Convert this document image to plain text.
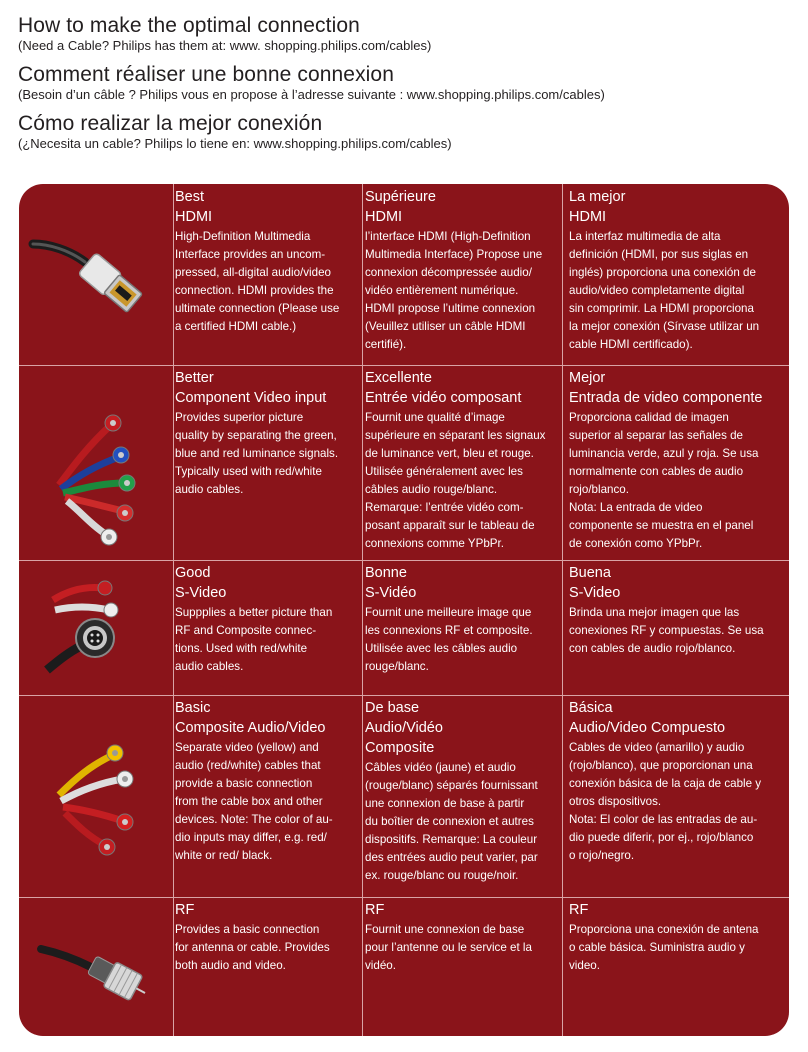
How to make the optimal connection
(Need a Cable? Philips has them at: www. shopping.philips.com/cables)
Comment réaliser une bonne connexion
(Besoin d’un câble ? Philips vous en propose à l’adresse suivante : www.shopping.philips.com/cables)
Cómo realizar la mejor conexión
(¿Necesita un cable? Philips lo tiene en: www.shopping.philips.com/cables)
Best
HDMI
High-Definition Multimedia
Interface provides an uncom-
pressed, all-digital audio/video
connection. HDMI provides the
ultimate connection (Please use
a certified HDMI cable.)
Supérieure
HDMI
l’interface HDMI (High-Definition
Multimedia Interface) Propose une
connexion décompressée audio/
vidéo entièrement numérique.
HDMI propose l’ultime connexion
(Veuillez utiliser un câble HDMI
certifié).
La mejor
HDMI
La interfaz multimedia de alta
definición (HDMI, por sus siglas en
inglés) proporciona una conexión de
audio/video completamente digital
sin comprimir. La HDMI proporciona
la mejor conexión (Sírvase utilizar un
cable HDMI certificado).
Better
Component Video input
Provides superior picture
quality by separating the green,
blue and red luminance signals.
Typically used with red/white
audio cables.
Excellente
Entrée vidéo composant
Fournit une qualité d’image
supérieure en séparant les signaux
de luminance vert, bleu et rouge.
Utilisée généralement avec les
câbles audio rouge/blanc.
Remarque: l’entrée vidéo com-
posant apparaît sur le tableau de
connexions comme YPbPr.
Mejor
Entrada de video componente
Proporciona calidad de imagen
superior al separar las señales de
luminancia verde, azul y roja. Se usa
normalmente con cables de audio
rojo/blanco.
Nota: La entrada de video
componente se muestra en el panel
de conexión como YPbPr.
Good
S-Video
Suppplies a better picture than
RF and Composite connec-
tions. Used with red/white
audio cables.
Bonne
S-Vidéo
Fournit une meilleure image que
les connexions RF et composite.
Utilisée avec les câbles audio
rouge/blanc.
Buena
S-Video
Brinda una mejor imagen que las
conexiones RF y compuestas. Se usa
con cables de audio rojo/blanco.
Basic
Composite Audio/Video
Separate video (yellow) and
audio (red/white) cables that
provide a basic connection
from the cable box and other
devices. Note: The color of au-
dio inputs may differ, e.g. red/
white or red/ black.
De base
Audio/Vidéo
Composite
Câbles vidéo (jaune) et audio
(rouge/blanc) séparés fournissant
une connexion de base à partir
du boîtier de connexion et autres
dispositifs. Remarque: La couleur
des entrées audio peut varier, par
ex. rouge/blanc ou rouge/noir.
Básica
Audio/Video Compuesto
Cables de video (amarillo) y audio
(rojo/blanco), que proporcionan una
conexión básica de la caja de cable y
otros dispositivos.
Nota: El color de las entradas de au-
dio puede diferir, por ej., rojo/blanco
o rojo/negro.
RF
Provides a basic connection
for antenna or cable. Provides
both audio and video.
RF
Fournit une connexion de base
pour l’antenne ou le service et la
vidéo.
RF
Proporciona una conexión de antena
o cable básica. Suministra audio y
video.
